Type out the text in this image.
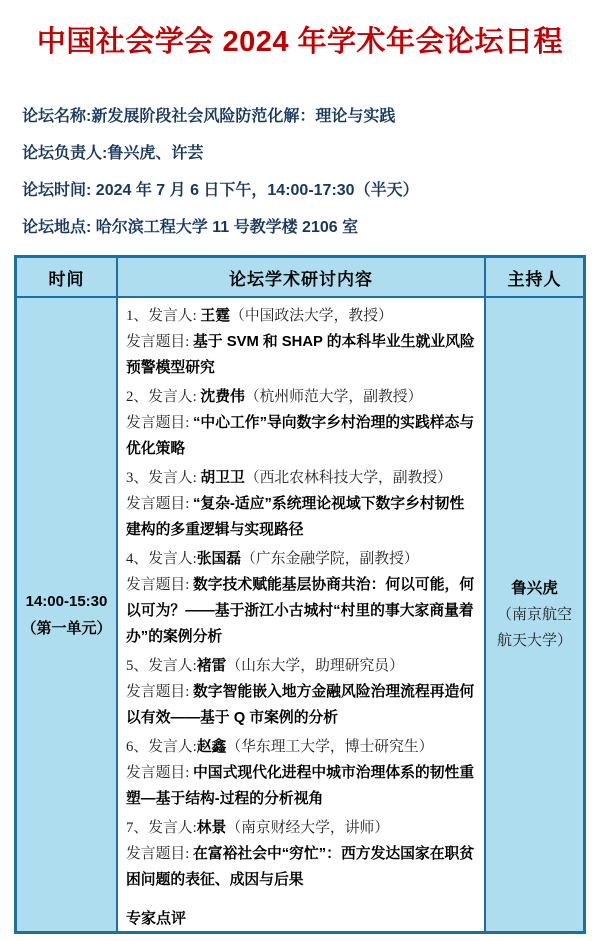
中国社会学会 2024 年学术年会论坛日程
论坛名称:新发展阶段社会风险防范化解：理论与实践
论坛负责人:鲁兴虎、许芸
论坛时间: 2024 年 7 月 6 日下午，14:00-17:30（半天）
论坛地点: 哈尔滨工程大学 11 号教学楼 2106 室
时间	论坛学术研讨内容	主持人
14:00-15:30
（第一单元）
1、发言人: 王霆（中国政法大学，教授）
发言题目: 基于 SVM 和 SHAP 的本科毕业生就业风险预警模型研究
2、发言人: 沈费伟（杭州师范大学，副教授）
发言题目: “中心工作”导向数字乡村治理的实践样态与优化策略
3、发言人: 胡卫卫（西北农林科技大学，副教授）
发言题目: “复杂-适应”系统理论视域下数字乡村韧性建构的多重逻辑与实现路径
4、发言人:张国磊（广东金融学院，副教授）
发言题目: 数字技术赋能基层协商共治：何以可能，何以可为？——基于浙江小古城村“村里的事大家商量着办”的案例分析
5、发言人:褚雷（山东大学，助理研究员）
发言题目: 数字智能嵌入地方金融风险治理流程再造何以有效——基于 Q 市案例的分析
6、发言人:赵鑫（华东理工大学，博士研究生）
发言题目: 中国式现代化进程中城市治理体系的韧性重塑—基于结构-过程的分析视角
7、发言人:林景（南京财经大学，讲师）
发言题目: 在富裕社会中“穷忙”：西方发达国家在职贫困问题的表征、成因与后果
专家点评
鲁兴虎
（南京航空
航天大学）
